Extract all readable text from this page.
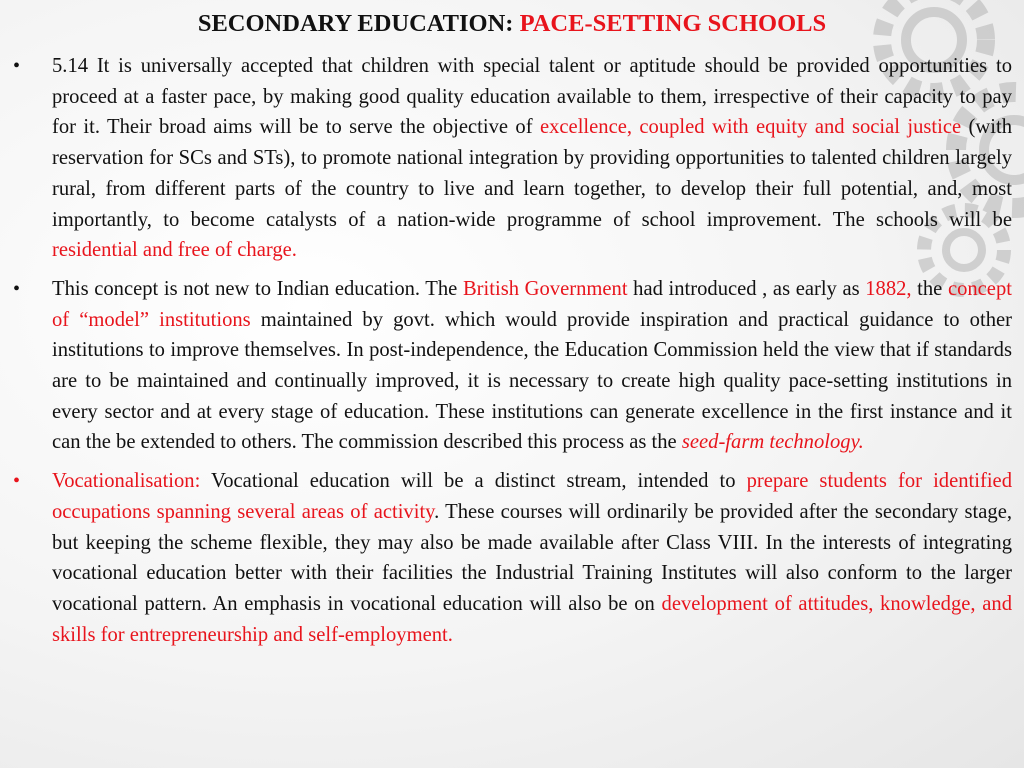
SECONDARY EDUCATION: PACE-SETTING SCHOOLS
• 5.14 It is universally accepted that children with special talent or aptitude should be provided opportunities to proceed at a faster pace, by making good quality education available to them, irrespective of their capacity to pay for it. Their broad aims will be to serve the objective of excellence, coupled with equity and social justice (with reservation for SCs and STs), to promote national integration by providing opportunities to talented children largely rural, from different parts of the country to live and learn together, to develop their full potential, and, most importantly, to become catalysts of a nation-wide programme of school improvement. The schools will be residential and free of charge.
• This concept is not new to Indian education. The British Government had introduced , as early as 1882, the concept of “model” institutions maintained by govt. which would provide inspiration and practical guidance to other institutions to improve themselves. In post-independence, the Education Commission held the view that if standards are to be maintained and continually improved, it is necessary to create high quality pace-setting institutions in every sector and at every stage of education. These institutions can generate excellence in the first instance and it can the be extended to others. The commission described this process as the seed-farm technology.
• Vocationalisation: Vocational education will be a distinct stream, intended to prepare students for identified occupations spanning several areas of activity. These courses will ordinarily be provided after the secondary stage, but keeping the scheme flexible, they may also be made available after Class VIII. In the interests of integrating vocational education better with their facilities the Industrial Training Institutes will also conform to the larger vocational pattern. An emphasis in vocational education will also be on development of attitudes, knowledge, and skills for entrepreneurship and self-employment.
